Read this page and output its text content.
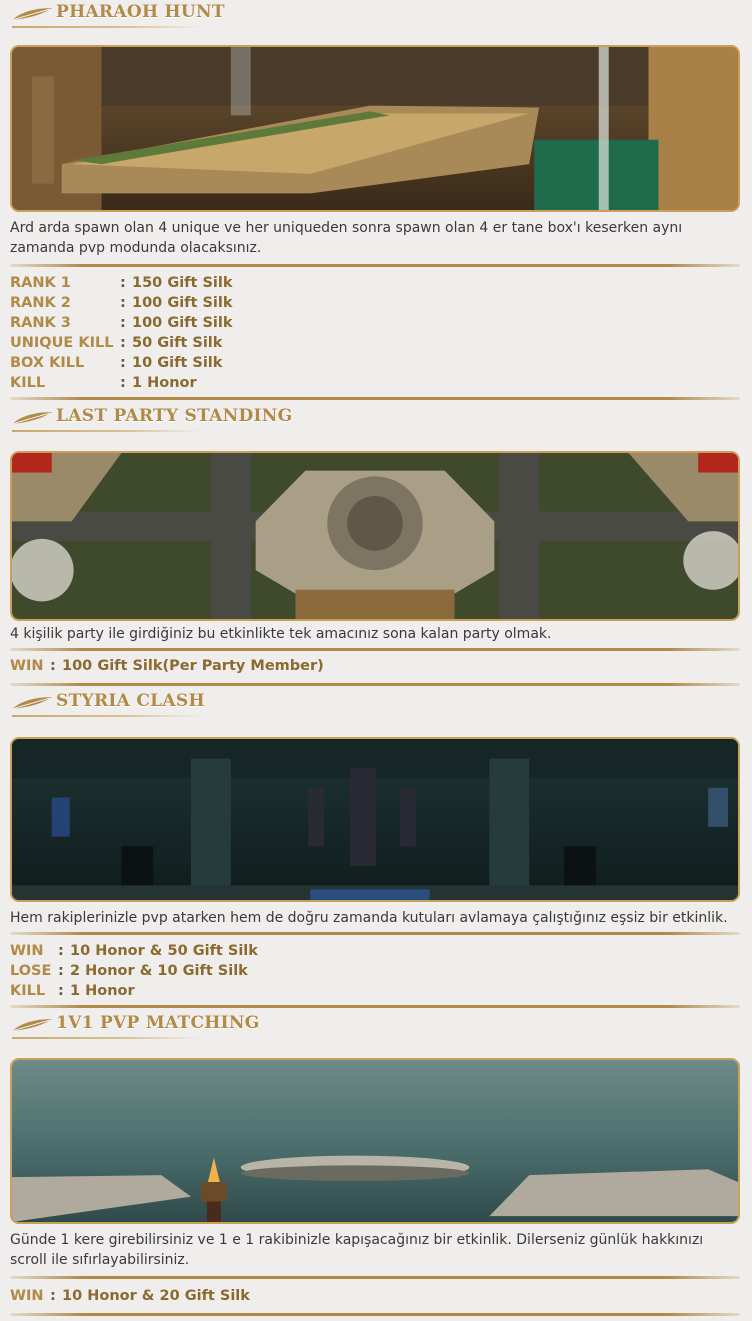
PHARAOH HUNT
Ard arda spawn olan 4 unique ve her uniqueden sonra spawn olan 4 er tane box'ı keserken aynı zamanda pvp modunda olacaksınız.
RANK 1	: 150 Gift Silk
RANK 2	: 100 Gift Silk
RANK 3	: 100 Gift Silk
UNIQUE KILL : 50 Gift Silk
BOX KILL : 10 Gift Silk
KILL	: 1 Honor
LAST PARTY STANDING
4 kişilik party ile girdiğiniz bu etkinlikte tek amacınız sona kalan party olmak.
WIN : 100 Gift Silk(Per Party Member)
STYRIA CLASH
Hem rakiplerinizle pvp atarken hem de doğru zamanda kutuları avlamaya çalıştığınız eşsiz bir etkinlik.
WIN : 10 Honor & 50 Gift Silk
LOSE : 2 Honor & 10 Gift Silk
KILL : 1 Honor
1V1 PVP MATCHING
Günde 1 kere girebilirsiniz ve 1 e 1 rakibinizle kapışacağınız bir etkinlik. Dilerseniz günlük hakkınızı scroll ile sıfırlayabilirsiniz.
WIN : 10 Honor & 20 Gift Silk
